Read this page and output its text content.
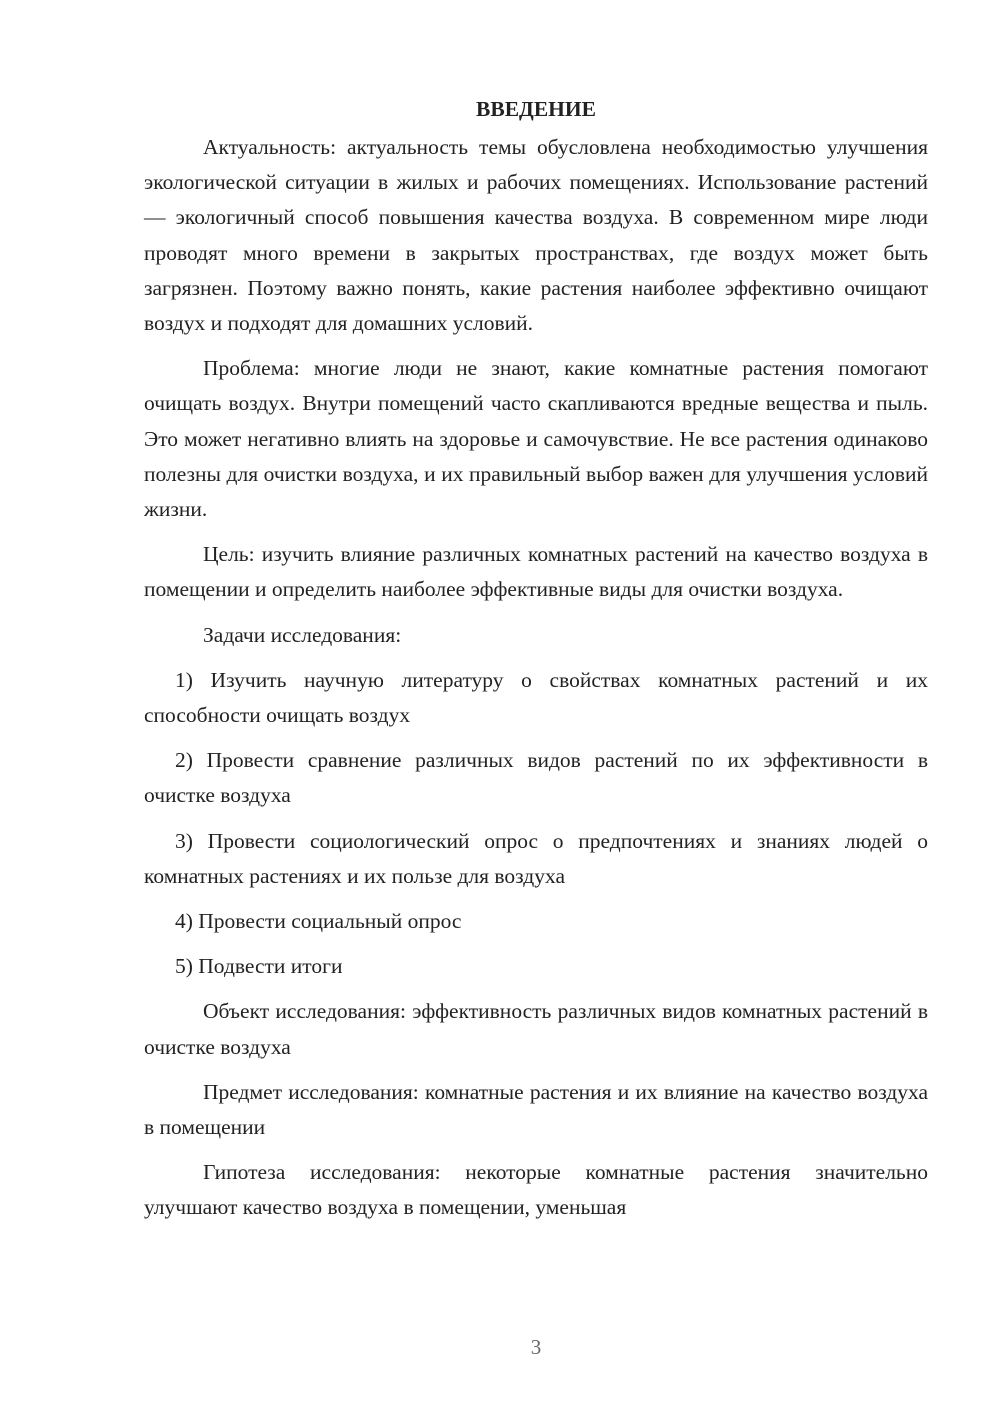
ВВЕДЕНИЕ

Актуальность: актуальность темы обусловлена необходимостью улучшения экологической ситуации в жилых и рабочих помещениях. Использование растений — экологичный способ повышения качества воздуха. В современном мире люди проводят много времени в закрытых пространствах, где воздух может быть загрязнен. Поэтому важно понять, какие растения наиболее эффективно очищают воздух и подходят для домашних условий.

Проблема: многие люди не знают, какие комнатные растения помогают очищать воздух. Внутри помещений часто скапливаются вредные вещества и пыль. Это может негативно влиять на здоровье и самочувствие. Не все растения одинаково полезны для очистки воздуха, и их правильный выбор важен для улучшения условий жизни.

Цель: изучить влияние различных комнатных растений на качество воздуха в помещении и определить наиболее эффективные виды для очистки воздуха.

Задачи исследования:

1) Изучить научную литературу о свойствах комнатных растений и их способности очищать воздух

2) Провести сравнение различных видов растений по их эффективности в очистке воздуха

3) Провести социологический опрос о предпочтениях и знаниях людей о комнатных растениях и их пользе для воздуха

4) Провести социальный опрос

5) Подвести итоги

Объект исследования: эффективность различных видов комнатных растений в очистке воздуха

Предмет исследования: комнатные растения и их влияние на качество воздуха в помещении

Гипотеза исследования: некоторые комнатные растения значительно улучшают качество воздуха в помещении, уменьшая

3
